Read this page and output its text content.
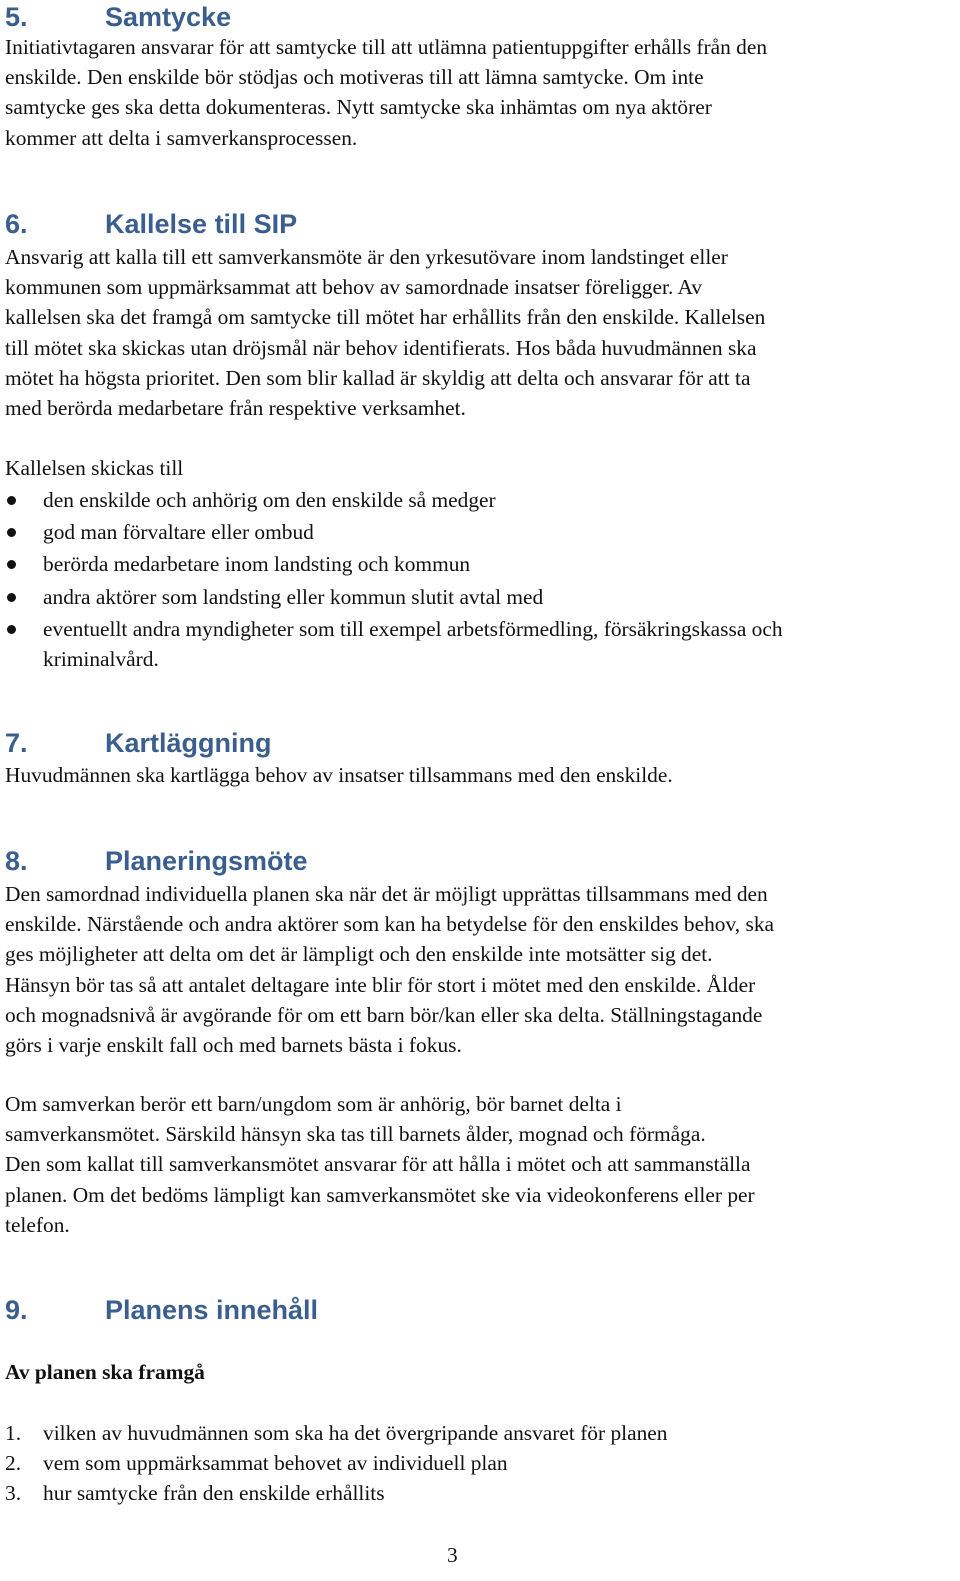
5.	Samtycke
Initiativtagaren ansvarar för att samtycke till att utlämna patientuppgifter erhålls från den
enskilde. Den enskilde bör stödjas och motiveras till att lämna samtycke. Om inte
samtycke ges ska detta dokumenteras. Nytt samtycke ska inhämtas om nya aktörer
kommer att delta i samverkansprocessen.
6.	Kallelse till SIP
Ansvarig att kalla till ett samverkansmöte är den yrkesutövare inom landstinget eller
kommunen som uppmärksammat att behov av samordnade insatser föreligger. Av
kallelsen ska det framgå om samtycke till mötet har erhållits från den enskilde. Kallelsen
till mötet ska skickas utan dröjsmål när behov identifierats. Hos båda huvudmännen ska
mötet ha högsta prioritet. Den som blir kallad är skyldig att delta och ansvarar för att ta
med berörda medarbetare från respektive verksamhet.
Kallelsen skickas till
den enskilde och anhörig om den enskilde så medger
god man förvaltare eller ombud
berörda medarbetare inom landsting och kommun
andra aktörer som landsting eller kommun slutit avtal med
eventuellt andra myndigheter som till exempel arbetsförmedling, försäkringskassa och
kriminalvård.
7.	Kartläggning
Huvudmännen ska kartlägga behov av insatser tillsammans med den enskilde.
8.	Planeringsmöte
Den samordnad individuella planen ska när det är möjligt upprättas tillsammans med den
enskilde. Närstående och andra aktörer som kan ha betydelse för den enskildes behov, ska
ges möjligheter att delta om det är lämpligt och den enskilde inte motsätter sig det.
Hänsyn bör tas så att antalet deltagare inte blir för stort i mötet med den enskilde. Ålder
och mognadsnivå är avgörande för om ett barn bör/kan eller ska delta. Ställningstagande
görs i varje enskilt fall och med barnets bästa i fokus.
Om samverkan berör ett barn/ungdom som är anhörig, bör barnet delta i
samverkansmötet. Särskild hänsyn ska tas till barnets ålder, mognad och förmåga.
Den som kallat till samverkansmötet ansvarar för att hålla i mötet och att sammanställa
planen. Om det bedöms lämpligt kan samverkansmötet ske via videokonferens eller per
telefon.
9.	Planens innehåll
Av planen ska framgå
1. vilken av huvudmännen som ska ha det övergripande ansvaret för planen
2. vem som uppmärksammat behovet av individuell plan
3. hur samtycke från den enskilde erhållits
3
